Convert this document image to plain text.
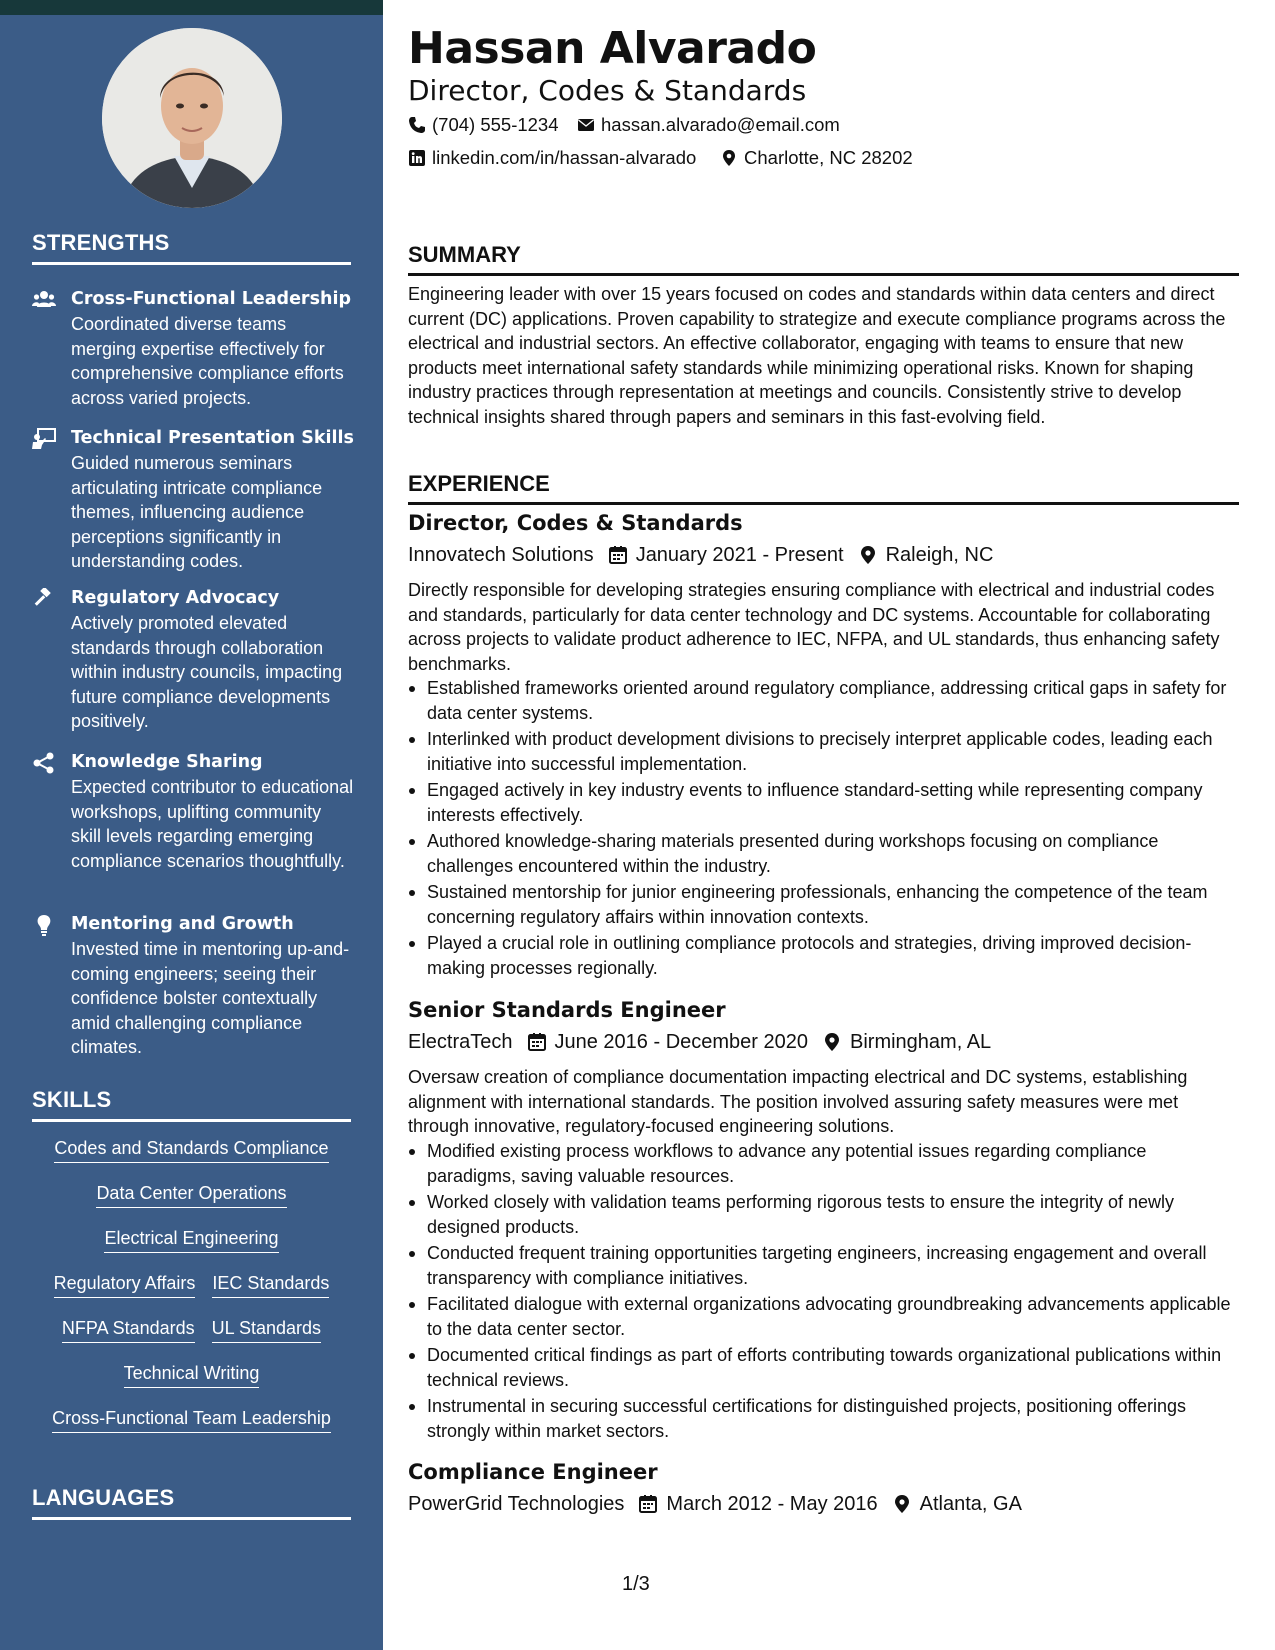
STRENGTHS
Cross-Functional Leadership
Coordinated diverse teams merging expertise effectively for comprehensive compliance efforts across varied projects.
Technical Presentation Skills
Guided numerous seminars articulating intricate compliance themes, influencing audience perceptions significantly in understanding codes.
Regulatory Advocacy
Actively promoted elevated standards through collaboration within industry councils, impacting future compliance developments positively.
Knowledge Sharing
Expected contributor to educational workshops, uplifting community skill levels regarding emerging compliance scenarios thoughtfully.
Mentoring and Growth
Invested time in mentoring up-and-coming engineers; seeing their confidence bolster contextually amid challenging compliance climates.
SKILLS
Codes and Standards Compliance
Data Center Operations
Electrical Engineering
Regulatory Affairs IEC Standards
NFPA Standards UL Standards
Technical Writing
Cross-Functional Team Leadership
LANGUAGES
Hassan Alvarado
Director, Codes & Standards
(704) 555-1234 hassan.alvarado@email.com
linkedin.com/in/hassan-alvarado	Charlotte, NC 28202
SUMMARY
Engineering leader with over 15 years focused on codes and standards within data centers and direct current (DC) applications. Proven capability to strategize and execute compliance programs across the electrical and industrial sectors. An effective collaborator, engaging with teams to ensure that new products meet international safety standards while minimizing operational risks. Known for shaping industry practices through representation at meetings and councils. Consistently strive to develop technical insights shared through papers and seminars in this fast-evolving field.
EXPERIENCE
Director, Codes & Standards
Innovatech Solutions January 2021 - Present Raleigh, NC
Directly responsible for developing strategies ensuring compliance with electrical and industrial codes and standards, particularly for data center technology and DC systems. Accountable for collaborating across projects to validate product adherence to IEC, NFPA, and UL standards, thus enhancing safety benchmarks.
Established frameworks oriented around regulatory compliance, addressing critical gaps in safety for data center systems.
Interlinked with product development divisions to precisely interpret applicable codes, leading each initiative into successful implementation.
Engaged actively in key industry events to influence standard-setting while representing company interests effectively.
Authored knowledge-sharing materials presented during workshops focusing on compliance challenges encountered within the industry.
Sustained mentorship for junior engineering professionals, enhancing the competence of the team concerning regulatory affairs within innovation contexts.
Played a crucial role in outlining compliance protocols and strategies, driving improved decision-making processes regionally.
Senior Standards Engineer
ElectraTech June 2016 - December 2020 Birmingham, AL
Oversaw creation of compliance documentation impacting electrical and DC systems, establishing alignment with international standards. The position involved assuring safety measures were met through innovative, regulatory-focused engineering solutions.
Modified existing process workflows to advance any potential issues regarding compliance paradigms, saving valuable resources.
Worked closely with validation teams performing rigorous tests to ensure the integrity of newly designed products.
Conducted frequent training opportunities targeting engineers, increasing engagement and overall transparency with compliance initiatives.
Facilitated dialogue with external organizations advocating groundbreaking advancements applicable to the data center sector.
Documented critical findings as part of efforts contributing towards organizational publications within technical reviews.
Instrumental in securing successful certifications for distinguished projects, positioning offerings strongly within market sectors.
Compliance Engineer
PowerGrid Technologies March 2012 - May 2016 Atlanta, GA
1/3
